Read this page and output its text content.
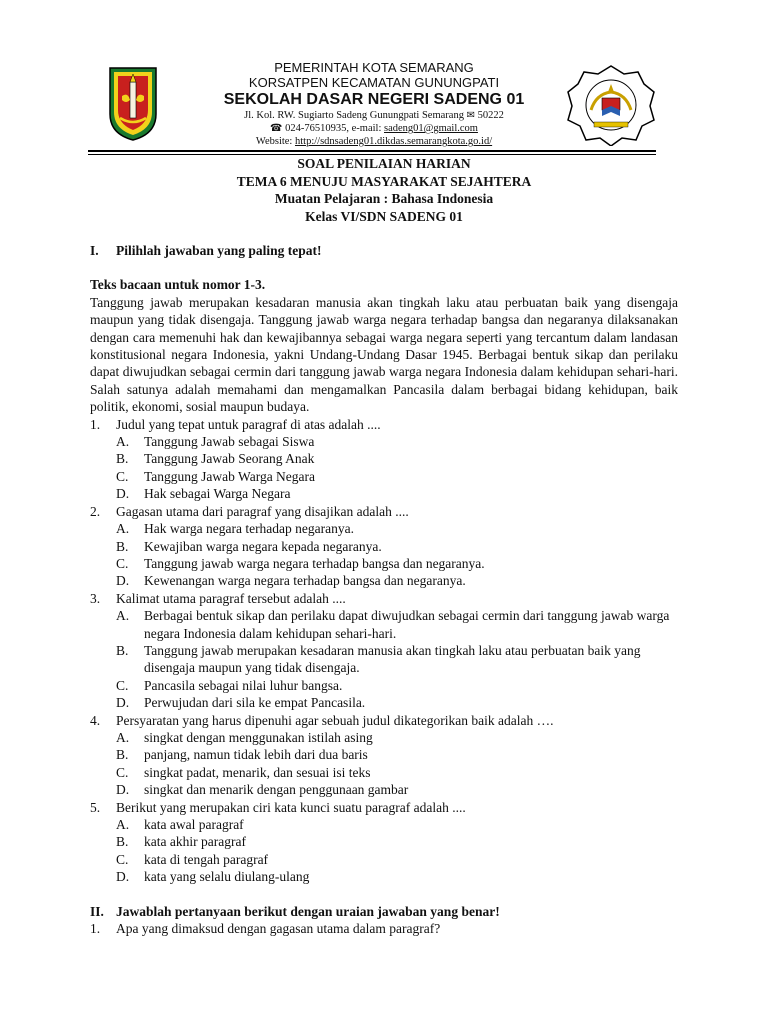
PEMERINTAH KOTA SEMARANG
KORSATPEN KECAMATAN GUNUNGPATI
SEKOLAH DASAR NEGERI SADENG 01
Jl. Kol. RW. Sugiarto Sadeng Gunungpati Semarang ✉ 50222
☎ 024-76510935, e-mail: sadeng01@gmail.com
Website: http://sdnsadeng01.dikdas.semarangkota.go.id/
SOAL PENILAIAN HARIAN
TEMA 6 MENUJU MASYARAKAT SEJAHTERA
Muatan Pelajaran : Bahasa Indonesia
Kelas VI/SDN SADENG 01
I.	Pilihlah jawaban yang paling tepat!
Teks bacaan untuk nomor 1-3.
Tanggung jawab merupakan kesadaran manusia akan tingkah laku atau perbuatan baik yang disengaja maupun yang tidak disengaja. Tanggung jawab warga negara terhadap bangsa dan negaranya dilaksanakan dengan cara memenuhi hak dan kewajibannya sebagai warga negara seperti yang tercantum dalam landasan konstitusional negara Indonesia, yakni Undang-Undang Dasar 1945. Berbagai bentuk sikap dan perilaku dapat diwujudkan sebagai cermin dari tanggung jawab warga negara Indonesia dalam kehidupan sehari-hari. Salah satunya adalah memahami dan mengamalkan Pancasila dalam berbagai bidang kehidupan, baik politik, ekonomi, sosial maupun budaya.
1.	Judul yang tepat untuk paragraf di atas adalah ....
A.	Tanggung Jawab sebagai Siswa
B.	Tanggung Jawab Seorang Anak
C.	Tanggung Jawab Warga Negara
D.	Hak sebagai Warga Negara
2.	Gagasan utama dari paragraf yang disajikan adalah ....
A.	Hak warga negara terhadap negaranya.
B.	Kewajiban warga negara kepada negaranya.
C.	Tanggung jawab warga negara terhadap bangsa dan negaranya.
D.	Kewenangan warga negara terhadap bangsa dan negaranya.
3.	Kalimat utama paragraf tersebut adalah ....
A.	Berbagai bentuk sikap dan perilaku dapat diwujudkan sebagai cermin dari tanggung jawab warga negara Indonesia dalam kehidupan sehari-hari.
B.	Tanggung jawab merupakan kesadaran manusia akan tingkah laku atau perbuatan baik yang disengaja maupun yang tidak disengaja.
C.	Pancasila sebagai nilai luhur bangsa.
D.	Perwujudan dari sila ke empat Pancasila.
4.	Persyaratan yang harus dipenuhi agar sebuah judul dikategorikan baik adalah ….
A.	singkat dengan menggunakan istilah asing
B.	panjang, namun tidak lebih dari dua baris
C.	singkat padat, menarik, dan sesuai isi teks
D.	singkat dan menarik dengan penggunaan gambar
5.	Berikut yang merupakan ciri kata kunci suatu paragraf adalah ....
A.	kata awal paragraf
B.	kata akhir paragraf
C.	kata di tengah paragraf
D.	kata yang selalu diulang-ulang
II. Jawablah pertanyaan berikut dengan uraian jawaban yang benar!
1.	Apa yang dimaksud dengan gagasan utama dalam paragraf?
